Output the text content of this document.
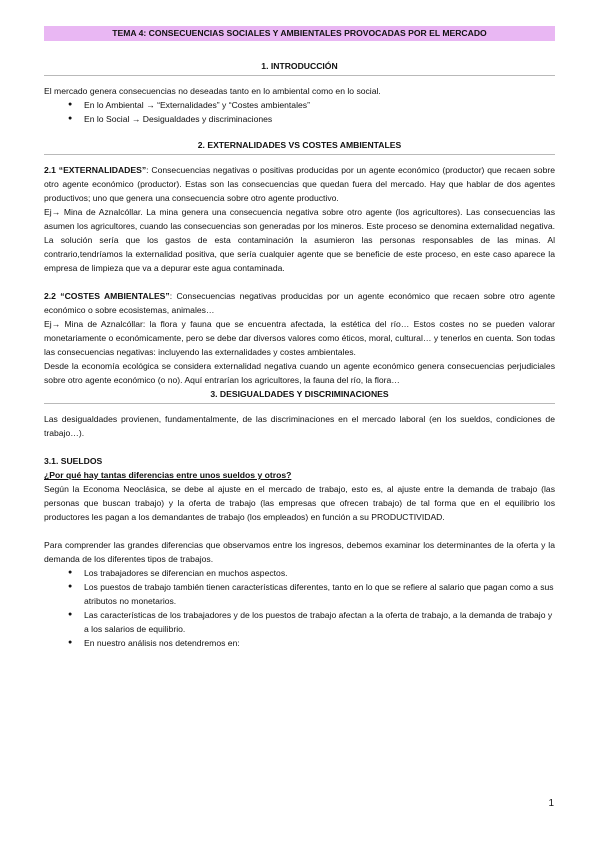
TEMA 4: CONSECUENCIAS SOCIALES Y AMBIENTALES PROVOCADAS POR EL MERCADO
1. INTRODUCCIÓN

El mercado genera consecuencias no deseadas tanto en lo ambiental como en lo social.

● En lo Ambiental → “Externalidades” y “Costes ambientales”
● En lo Social → Desigualdades y discriminaciones
2. EXTERNALIDADES VS COSTES AMBIENTALES

2.1 “EXTERNALIDADES”: Consecuencias negativas o positivas producidas por un agente económico (productor) que recaen sobre otro agente económico (productor). Estas son las consecuencias que quedan fuera del mercado. Hay que hablar de dos agentes productivos; uno que genera una consecuencia sobre otro agente productivo.

Ej→ Mina de Aznalcóllar. La mina genera una consecuencia negativa sobre otro agente (los agricultores). Las consecuencias las asumen los agricultores, cuando las consecuencias son generadas por los mineros. Este proceso se denomina externalidad negativa. La solución sería que los gastos de esta contaminación la asumieron las personas responsables de las minas. Al contrario,tendríamos la externalidad positiva, que sería cualquier agente que se beneficie de este proceso, en este caso aparece la empresa de limpieza que va a depurar este agua contaminada.

2.2 “COSTES AMBIENTALES”: Consecuencias negativas producidas por un agente económico que recaen sobre otro agente económico o sobre ecosistemas, animales…

Ej→ Mina de Aznalcóllar: la flora y fauna que se encuentra afectada, la estética del río… Estos costes no se pueden valorar monetariamente o económicamente, pero se debe dar diversos valores como éticos, moral, cultural… y tenerlos en cuenta. Son todas las consecuencias negativas: incluyendo las externalidades y costes ambientales.

Desde la economía ecológica se considera externalidad negativa cuando un agente económico genera consecuencias perjudiciales sobre otro agente económico (o no). Aquí entrarían los agricultores, la fauna del río, la flora…

3. DESIGUALDADES Y DISCRIMINACIONES

Las desigualdades provienen, fundamentalmente, de las discriminaciones en el mercado laboral (en los sueldos, condiciones de trabajo…).

3.1. SUELDOS

¿Por qué hay tantas diferencias entre unos sueldos y otros?

Según la Economa Neoclásica, se debe al ajuste en el mercado de trabajo, esto es, al ajuste entre la demanda de trabajo (las personas que buscan trabajo) y la oferta de trabajo (las empresas que ofrecen trabajo) de tal forma que en el equilibrio los productores les pagan a los demandantes de trabajo (los empleados) en función a su PRODUCTIVIDAD.

Para comprender las grandes diferencias que observamos entre los ingresos, debemos examinar los determinantes de la oferta y la demanda de los diferentes tipos de trabajos.

● Los trabajadores se diferencian en muchos aspectos.
● Los puestos de trabajo también tienen características diferentes, tanto en lo que se refiere al salario que pagan como a sus atributos no monetarios.
● Las características de los trabajadores y de los puestos de trabajo afectan a la oferta de trabajo, a la demanda de trabajo y a los salarios de equilibrio.
● En nuestro análisis nos detendremos en:
1
